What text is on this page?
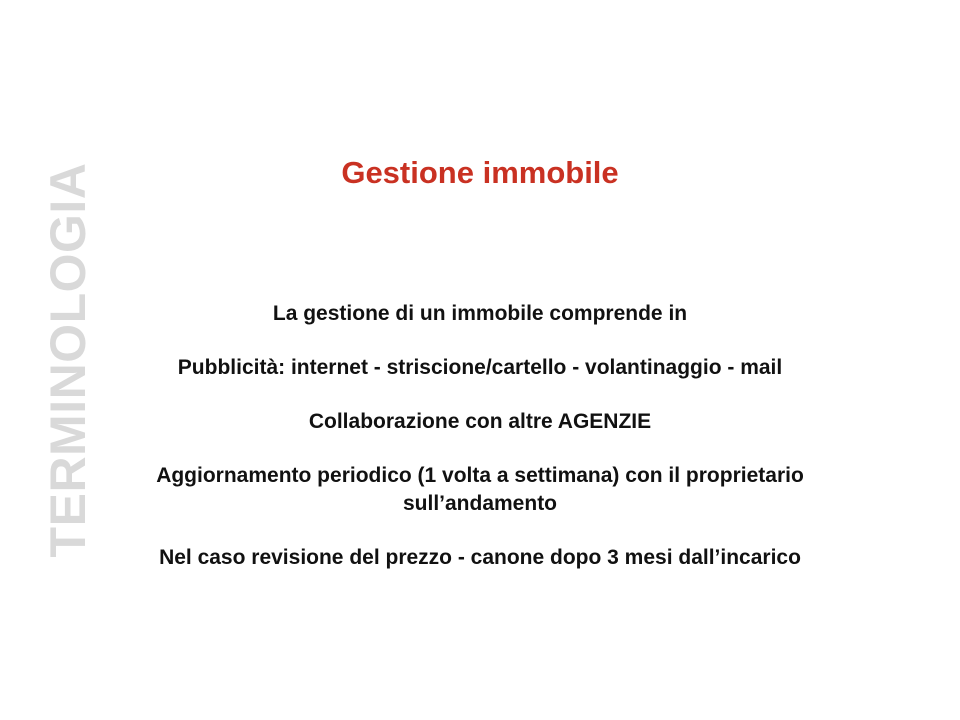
TERMINOLOGIA	Gestione immobile

La gestione di un immobile comprende in

Pubblicità: internet - striscione/cartello - volantinaggio - mail

Collaborazione con altre AGENZIE

Aggiornamento periodico (1 volta a settimana) con il proprietario sull’andamento

Nel caso revisione del prezzo - canone dopo 3 mesi dall’incarico
